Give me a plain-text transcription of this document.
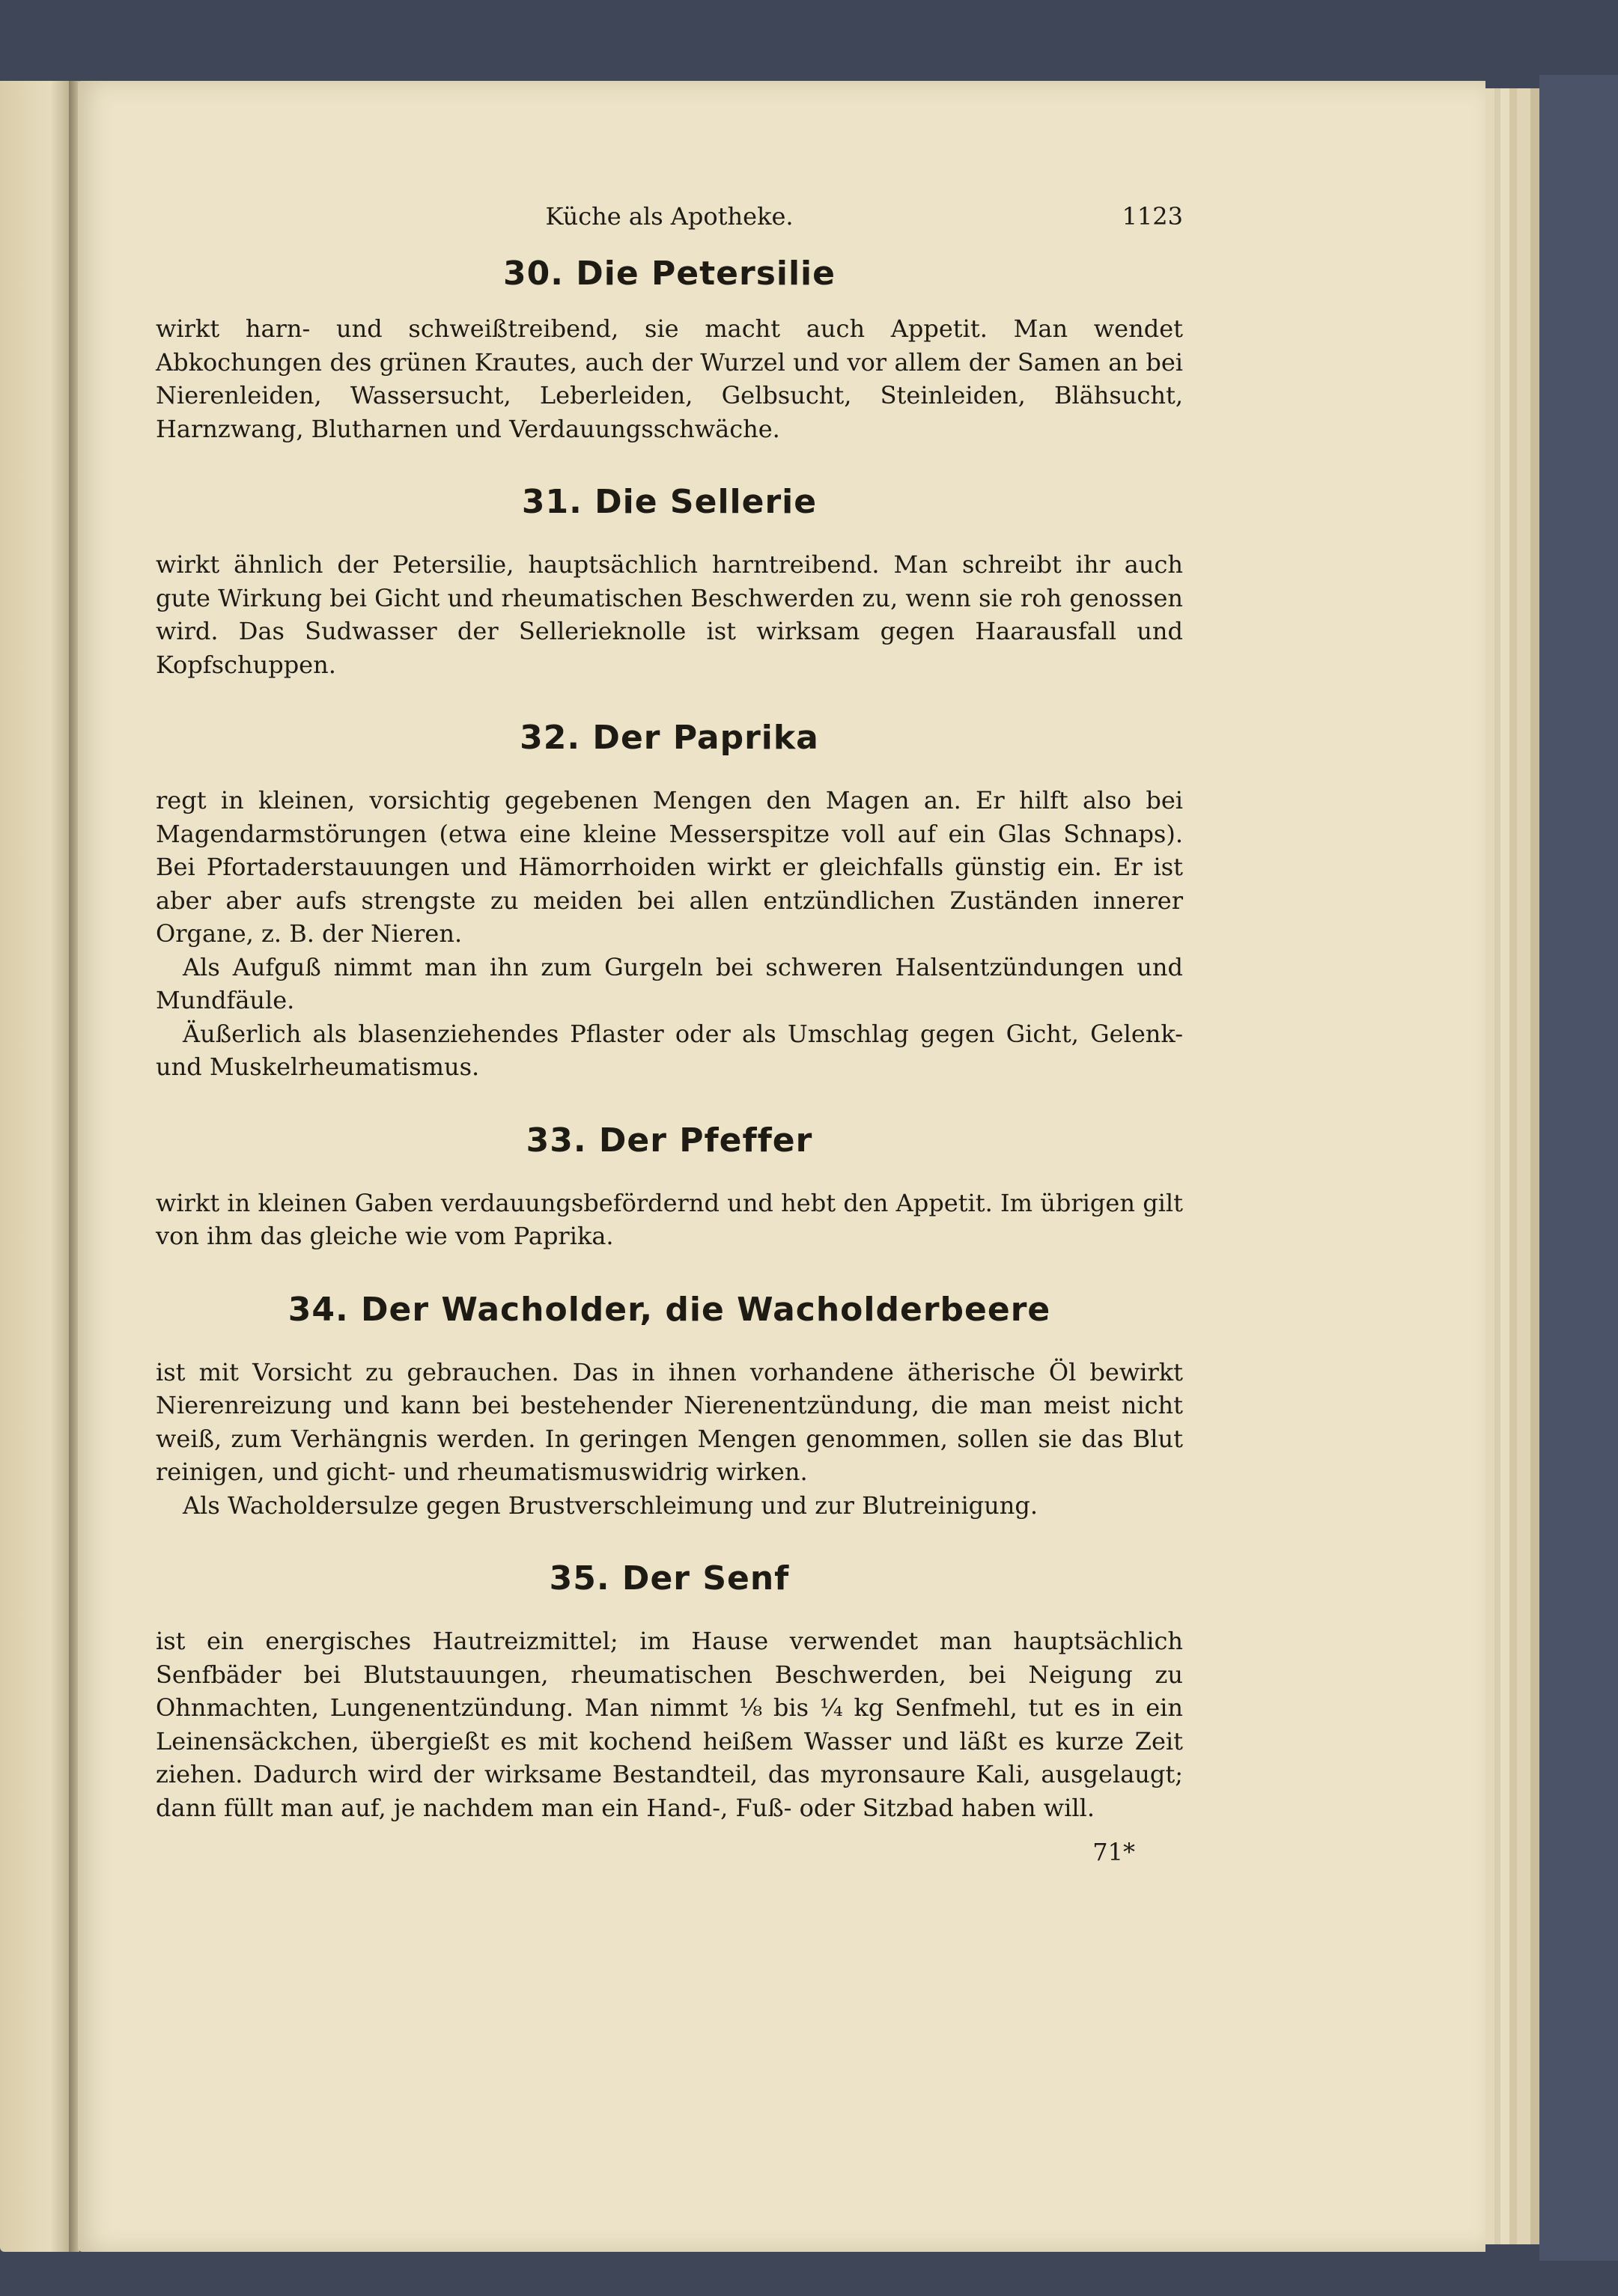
Küche als Apotheke.	1123
30. Die Petersilie

wirkt harn- und schweißtreibend, sie macht auch Appetit. Man wendet Abkochungen des grünen Krautes, auch der Wurzel und vor allem der Samen an bei Nierenleiden, Wassersucht, Leberleiden, Gelbsucht, Steinleiden, Blähsucht, Harnzwang, Blutharnen und Verdauungsschwäche.

31. Die Sellerie

wirkt ähnlich der Petersilie, hauptsächlich harntreibend. Man schreibt ihr auch gute Wirkung bei Gicht und rheumatischen Beschwerden zu, wenn sie roh genossen wird. Das Sudwasser der Sellerieknolle ist wirksam gegen Haarausfall und Kopfschuppen.

32. Der Paprika

regt in kleinen, vorsichtig gegebenen Mengen den Magen an. Er hilft also bei Magendarmstörungen (etwa eine kleine Messerspitze voll auf ein Glas Schnaps). Bei Pfortaderstauungen und Hämorrhoiden wirkt er gleichfalls günstig ein. Er ist aber aber aufs strengste zu meiden bei allen entzündlichen Zuständen innerer Organe, z. B. der Nieren.

Als Aufguß nimmt man ihn zum Gurgeln bei schweren Halsentzündungen und Mundfäule.

Äußerlich als blasenziehendes Pflaster oder als Umschlag gegen Gicht, Gelenk- und Muskelrheumatismus.

33. Der Pfeffer

wirkt in kleinen Gaben verdauungsbefördernd und hebt den Appetit. Im übrigen gilt von ihm das gleiche wie vom Paprika.

34. Der Wacholder, die Wacholderbeere

ist mit Vorsicht zu gebrauchen. Das in ihnen vorhandene ätherische Öl bewirkt Nierenreizung und kann bei bestehender Nierenentzündung, die man meist nicht weiß, zum Verhängnis werden. In geringen Mengen genommen, sollen sie das Blut reinigen, und gicht- und rheumatismuswidrig wirken.

Als Wacholdersulze gegen Brustverschleimung und zur Blutreinigung.

35. Der Senf

ist ein energisches Hautreizmittel; im Hause verwendet man hauptsächlich Senfbäder bei Blutstauungen, rheumatischen Beschwerden, bei Neigung zu Ohnmachten, Lungenentzündung. Man nimmt ⅛ bis ¼ kg Senfmehl, tut es in ein Leinensäckchen, übergießt es mit kochend heißem Wasser und läßt es kurze Zeit ziehen. Dadurch wird der wirksame Bestandteil, das myronsaure Kali, ausgelaugt; dann füllt man auf, je nachdem man ein Hand-, Fuß- oder Sitzbad haben will.

71*
